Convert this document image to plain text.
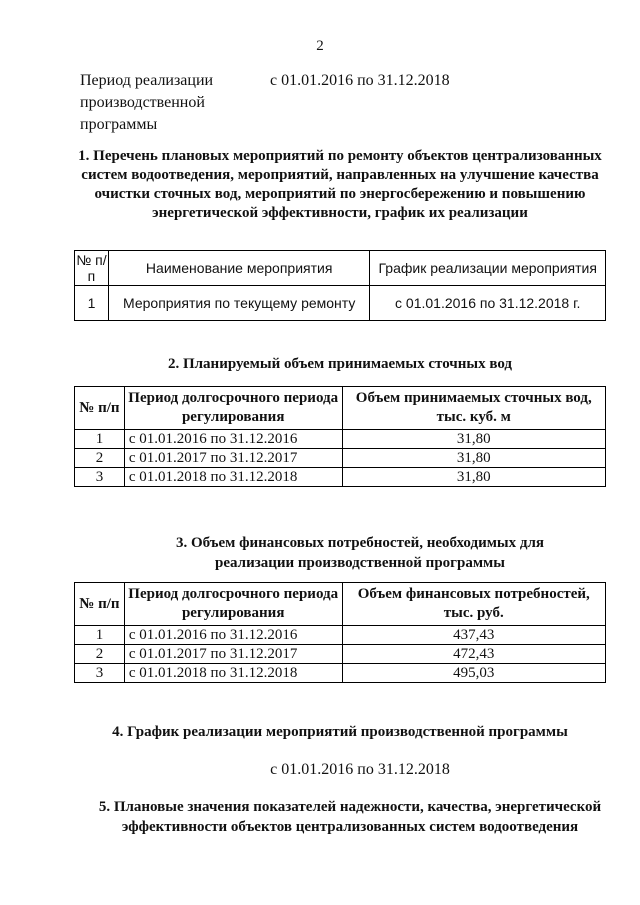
2
Период реализации производственной программы
с 01.01.2016 по 31.12.2018
1. Перечень плановых мероприятий по ремонту объектов централизованных систем водоотведения, мероприятий, направленных на улучшение качества очистки сточных вод, мероприятий по энергосбережению и повышению энергетической эффективности, график их реализации
№ п/п	Наименование мероприятия	График реализации мероприятия
1	Мероприятия по текущему ремонту	с 01.01.2016 по 31.12.2018 г.
2. Планируемый объем принимаемых сточных вод
№ п/п	Период долгосрочного периода регулирования	Объем принимаемых сточных вод, тыс. куб. м
1	с 01.01.2016 по 31.12.2016	31,80
2	с 01.01.2017 по 31.12.2017	31,80
3	с 01.01.2018 по 31.12.2018	31,80
3. Объем финансовых потребностей, необходимых для реализации производственной программы
№ п/п	Период долгосрочного периода регулирования	Объем финансовых потребностей, тыс. руб.
1	с 01.01.2016 по 31.12.2016	437,43
2	с 01.01.2017 по 31.12.2017	472,43
3	с 01.01.2018 по 31.12.2018	495,03
4. График реализации мероприятий производственной программы
с 01.01.2016 по 31.12.2018
5. Плановые значения показателей надежности, качества, энергетической эффективности объектов централизованных систем водоотведения
